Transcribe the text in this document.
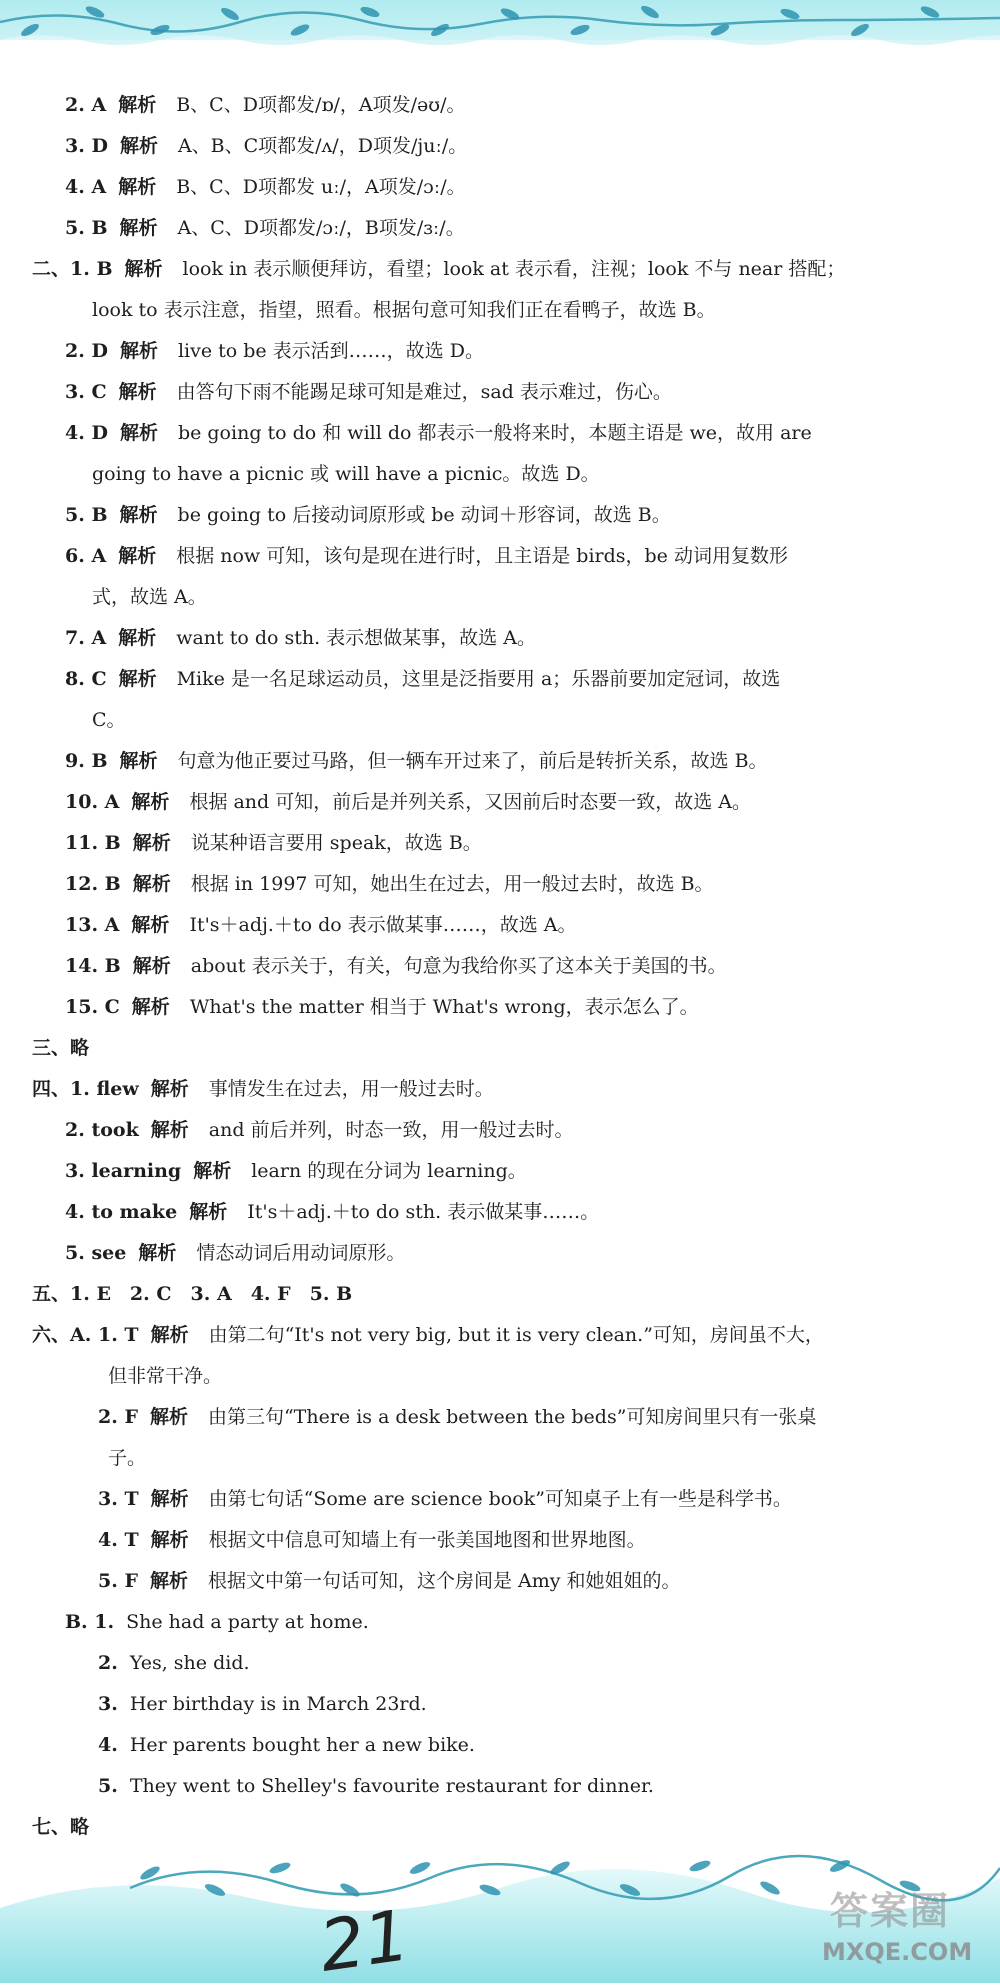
2. A 解析 B、C、D项都发/ɒ/，A项发/əʊ/。
3. D 解析 A、B、C项都发/ʌ/，D项发/juː/。
4. A 解析 B、C、D项都发 uː/，A项发/ɔː/。
5. B 解析 A、C、D项都发/ɔː/，B项发/ɜː/。
二、1. B 解析 look in 表示顺便拜访，看望；look at 表示看，注视；look 不与 near 搭配；
look to 表示注意，指望，照看。根据句意可知我们正在看鸭子，故选 B。
2. D 解析 live to be 表示活到……，故选 D。
3. C 解析 由答句下雨不能踢足球可知是难过，sad 表示难过，伤心。
4. D 解析 be going to do 和 will do 都表示一般将来时，本题主语是 we，故用 are
going to have a picnic 或 will have a picnic。故选 D。
5. B 解析 be going to 后接动词原形或 be 动词＋形容词，故选 B。
6. A 解析 根据 now 可知，该句是现在进行时，且主语是 birds，be 动词用复数形
式，故选 A。
7. A 解析 want to do sth. 表示想做某事，故选 A。
8. C 解析 Mike 是一名足球运动员，这里是泛指要用 a；乐器前要加定冠词，故选
C。
9. B 解析 句意为他正要过马路，但一辆车开过来了，前后是转折关系，故选 B。
10. A 解析 根据 and 可知，前后是并列关系，又因前后时态要一致，故选 A。
11. B 解析 说某种语言要用 speak，故选 B。
12. B 解析 根据 in 1997 可知，她出生在过去，用一般过去时，故选 B。
13. A 解析 It's＋adj.＋to do 表示做某事……，故选 A。
14. B 解析 about 表示关于，有关，句意为我给你买了这本关于美国的书。
15. C 解析 What's the matter 相当于 What's wrong，表示怎么了。
三、略
四、1. flew 解析 事情发生在过去，用一般过去时。
2. took 解析 and 前后并列，时态一致，用一般过去时。
3. learning 解析 learn 的现在分词为 learning。
4. to make 解析 It's＋adj.＋to do sth. 表示做某事……。
5. see 解析 情态动词后用动词原形。
五、1. E　2. C　3. A　4. F　5. B
六、A. 1. T 解析 由第二句“It's not very big, but it is very clean.”可知，房间虽不大，
但非常干净。
2. F 解析 由第三句“There is a desk between the beds”可知房间里只有一张桌
子。
3. T 解析 由第七句话“Some are science book”可知桌子上有一些是科学书。
4. T 解析 根据文中信息可知墙上有一张美国地图和世界地图。
5. F 解析 根据文中第一句话可知，这个房间是 Amy 和她姐姐的。
B. 1. She had a party at home.
2. Yes, she did.
3. Her birthday is in March 23rd.
4. Her parents bought her a new bike.
5. They went to Shelley's favourite restaurant for dinner.
七、略
21	答案圈
MXQE.COM
